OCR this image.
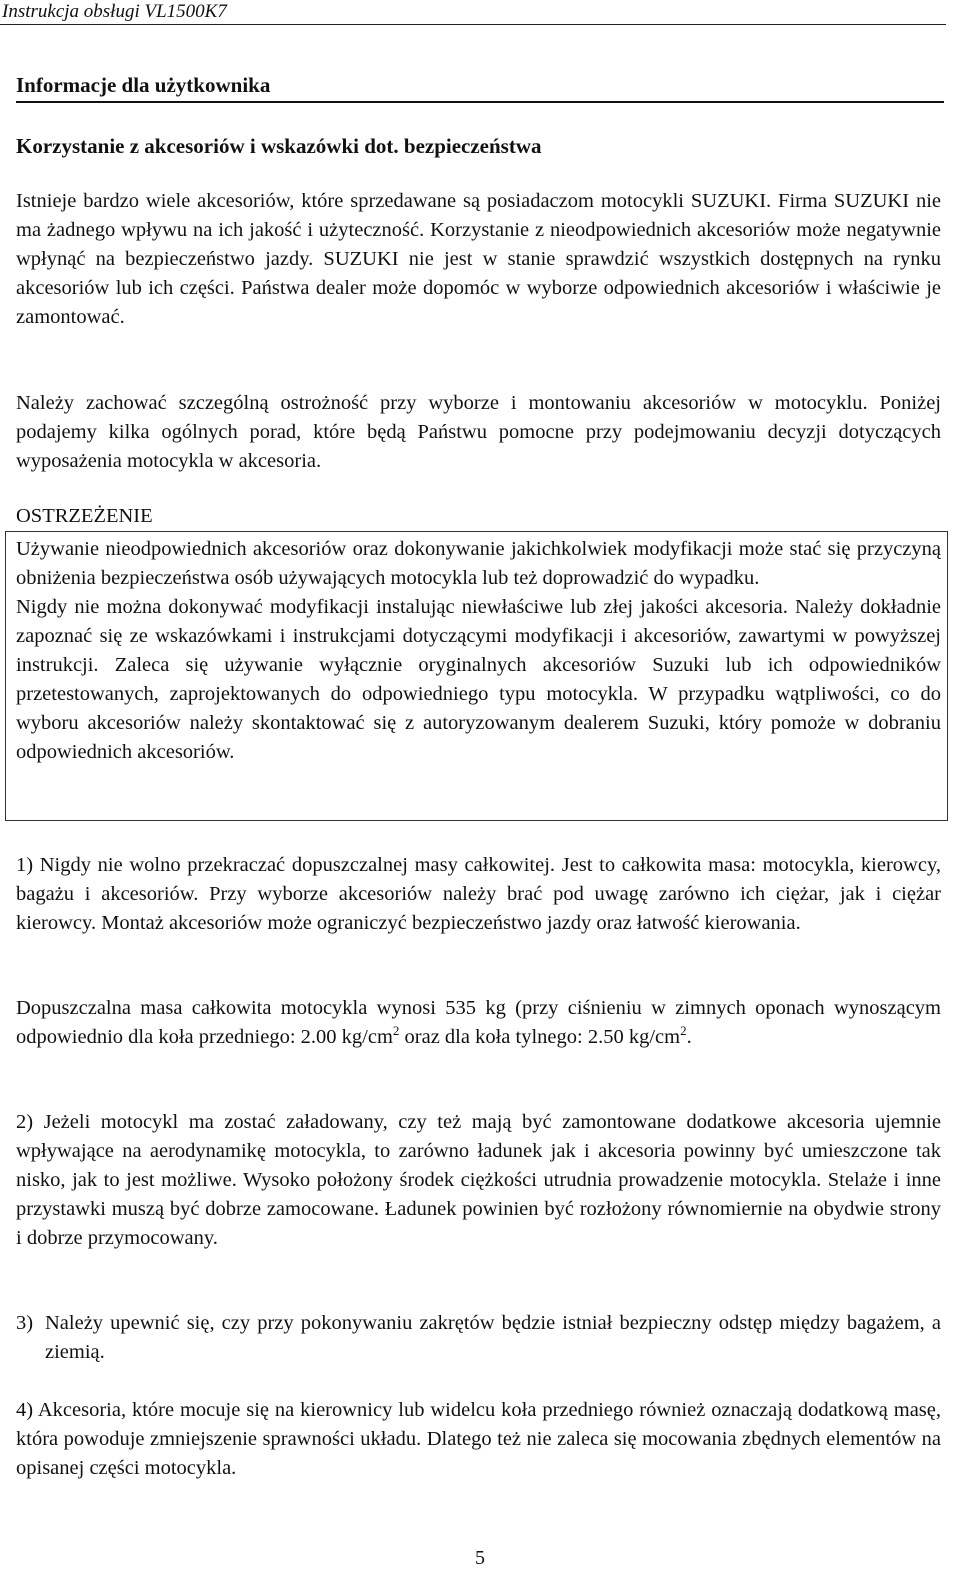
Instrukcja obsługi VL1500K7
Informacje dla użytkownika
Korzystanie z akcesoriów i wskazówki dot. bezpieczeństwa

Istnieje bardzo wiele akcesoriów, które sprzedawane są posiadaczom motocykli SUZUKI. Firma SUZUKI nie ma żadnego wpływu na ich jakość i użyteczność. Korzystanie z nieodpowiednich akcesoriów może negatywnie wpłynąć na bezpieczeństwo jazdy. SUZUKI nie jest w stanie sprawdzić wszystkich dostępnych na rynku akcesoriów lub ich części. Państwa dealer może dopomóc w wyborze odpowiednich akcesoriów i właściwie je zamontować.

Należy zachować szczególną ostrożność przy wyborze i montowaniu akcesoriów w motocyklu. Poniżej podajemy kilka ogólnych porad, które będą Państwu pomocne przy podejmowaniu decyzji dotyczących wyposażenia motocykla w akcesoria.

OSTRZEŻENIE

Używanie nieodpowiednich akcesoriów oraz dokonywanie jakichkolwiek modyfikacji może stać się przyczyną obniżenia bezpieczeństwa osób używających motocykla lub też doprowadzić do wypadku.

Nigdy nie można dokonywać modyfikacji instalując niewłaściwe lub złej jakości akcesoria. Należy dokładnie zapoznać się ze wskazówkami i instrukcjami dotyczącymi modyfikacji i akcesoriów, zawartymi w powyższej instrukcji. Zaleca się używanie wyłącznie oryginalnych akcesoriów Suzuki lub ich odpowiedników przetestowanych, zaprojektowanych do odpowiedniego typu motocykla. W przypadku wątpliwości, co do wyboru akcesoriów należy skontaktować się z autoryzowanym dealerem Suzuki, który pomoże w dobraniu odpowiednich akcesoriów.

1) Nigdy nie wolno przekraczać dopuszczalnej masy całkowitej. Jest to całkowita masa: motocykla, kierowcy, bagażu i akcesoriów. Przy wyborze akcesoriów należy brać pod uwagę zarówno ich ciężar, jak i ciężar kierowcy. Montaż akcesoriów może ograniczyć bezpieczeństwo jazdy oraz łatwość kierowania.

Dopuszczalna masa całkowita motocykla wynosi 535 kg (przy ciśnieniu w zimnych oponach wynoszącym odpowiednio dla koła przedniego: 2.00 $kg/cm^2$ oraz dla koła tylnego: 2.50 $kg/cm^2$.

2) Jeżeli motocykl ma zostać załadowany, czy też mają być zamontowane dodatkowe akcesoria ujemnie wpływające na aerodynamikę motocykla, to zarówno ładunek jak i akcesoria powinny być umieszczone tak nisko, jak to jest możliwe. Wysoko położony środek ciężkości utrudnia prowadzenie motocykla. Stelaże i inne przystawki muszą być dobrze zamocowane. Ładunek powinien być rozłożony równomiernie na obydwie strony i dobrze przymocowany.

3) Należy upewnić się, czy przy pokonywaniu zakrętów będzie istniał bezpieczny odstęp między bagażem, a ziemią.

4) Akcesoria, które mocuje się na kierownicy lub widelcu koła przedniego również oznaczają dodatkową masę, która powoduje zmniejszenie sprawności układu. Dlatego też nie zaleca się mocowania zbędnych elementów na opisanej części motocykla.

5
